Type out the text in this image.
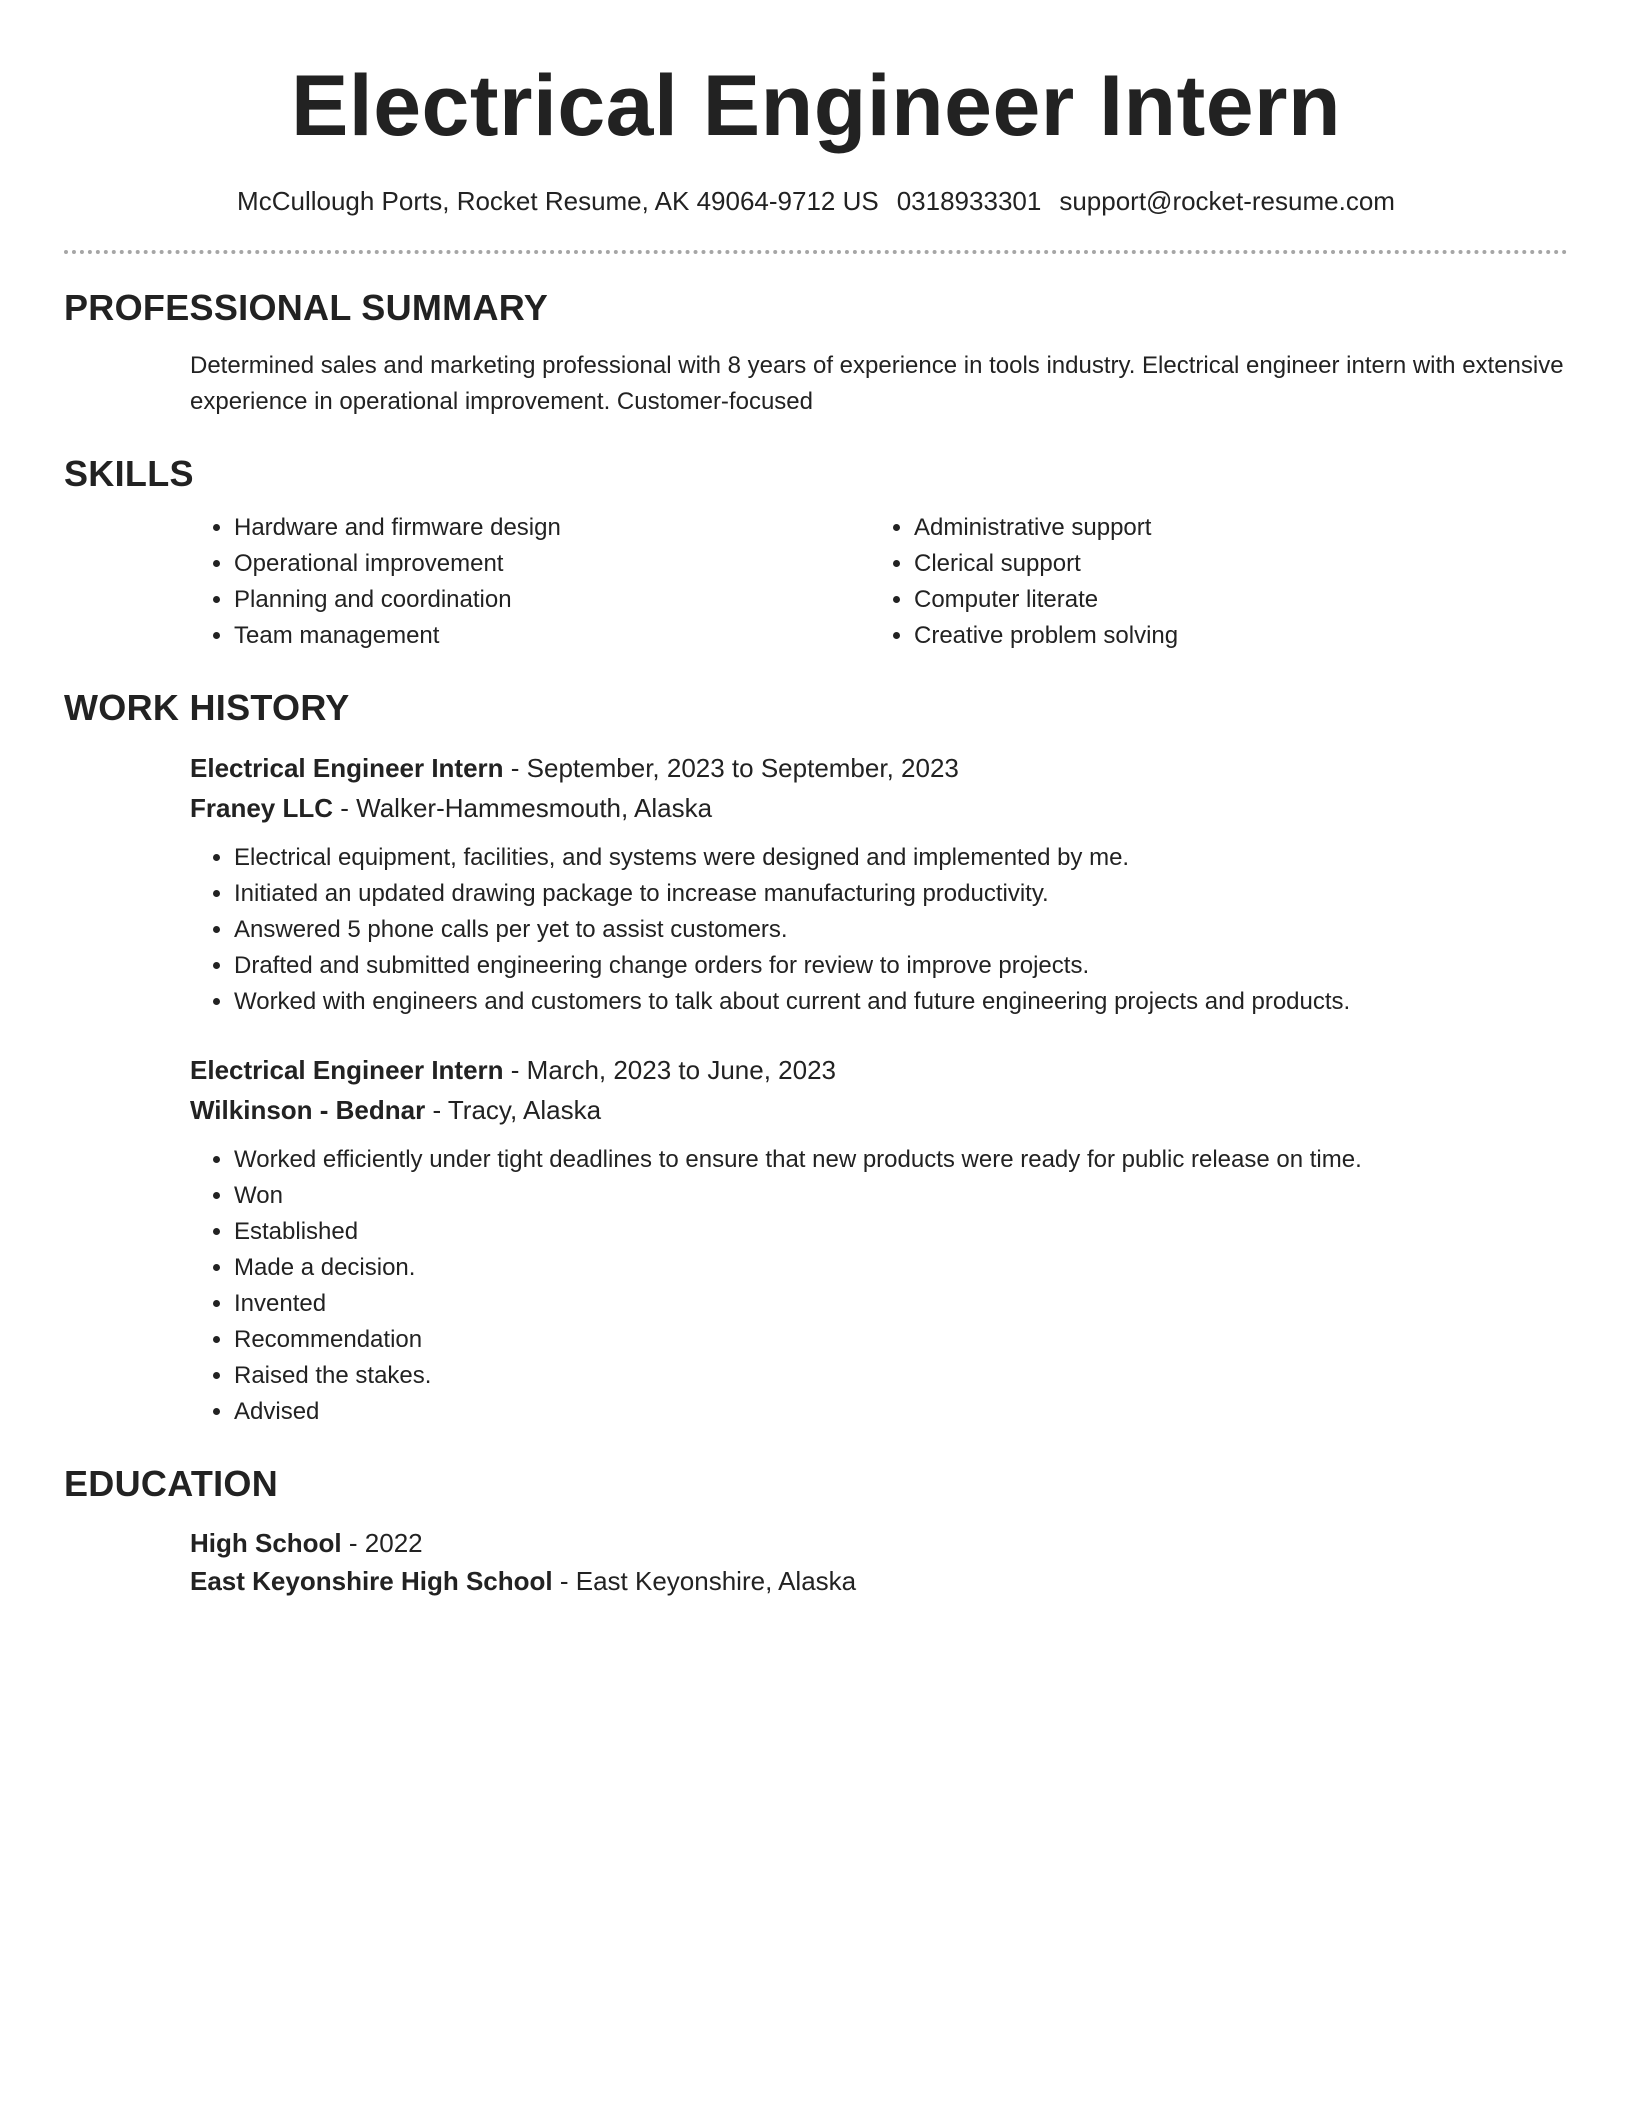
Electrical Engineer Intern
McCullough Ports, Rocket Resume, AK 49064-9712 US 0318933301 support@rocket-resume.com
PROFESSIONAL SUMMARY

Determined sales and marketing professional with 8 years of experience in tools industry. Electrical engineer intern with extensive experience in operational improvement. Customer-focused

SKILLS
• Hardware and firmware design
• Operational improvement
• Planning and coordination
• Team management
• Administrative support
• Clerical support
• Computer literate
• Creative problem solving
WORK HISTORY
Electrical Engineer Intern - September, 2023 to September, 2023
Franey LLC - Walker-Hammesmouth, Alaska
• Electrical equipment, facilities, and systems were designed and implemented by me.
• Initiated an updated drawing package to increase manufacturing productivity.
• Answered 5 phone calls per yet to assist customers.
• Drafted and submitted engineering change orders for review to improve projects.
• Worked with engineers and customers to talk about current and future engineering projects and products.
Electrical Engineer Intern - March, 2023 to June, 2023
Wilkinson - Bednar - Tracy, Alaska
• Worked efficiently under tight deadlines to ensure that new products were ready for public release on time.
• Won
• Established
• Made a decision.
• Invented
• Recommendation
• Raised the stakes.
• Advised
EDUCATION
High School - 2022
East Keyonshire High School - East Keyonshire, Alaska
